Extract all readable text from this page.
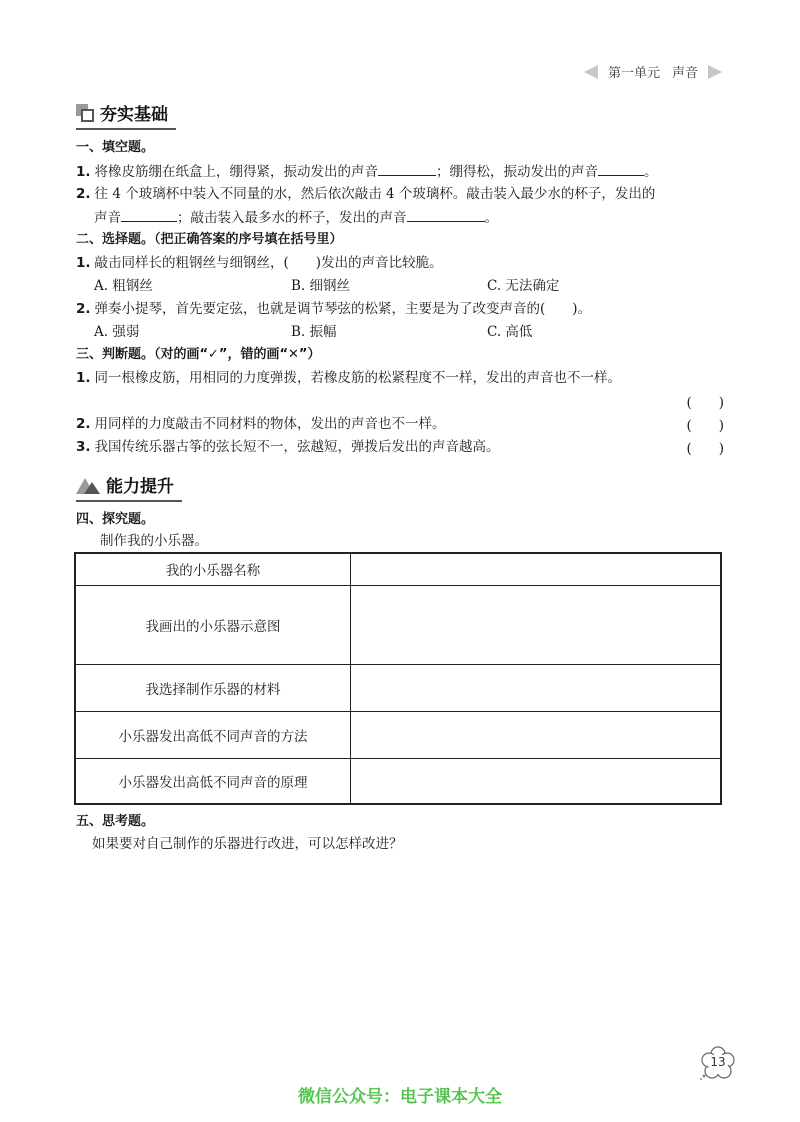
第一单元 声音
夯实基础
一、填空题。
1. 将橡皮筋绷在纸盒上，绷得紧，振动发出的声音	；绷得松，振动发出的声音	。
2. 往 4 个玻璃杯中装入不同量的水，然后依次敲击 4 个玻璃杯。敲击装入最少水的杯子，发出的
声音	；敲击装入最多水的杯子，发出的声音	。
二、选择题。（把正确答案的序号填在括号里）
1. 敲击同样长的粗钢丝与细钢丝，(　　)发出的声音比较脆。
A. 粗钢丝	B. 细钢丝	C. 无法确定
2. 弹奏小提琴，首先要定弦，也就是调节琴弦的松紧，主要是为了改变声音的(　　)。
A. 强弱	B. 振幅	C. 高低
三、判断题。（对的画“✓”，错的画“✕”）
1. 同一根橡皮筋，用相同的力度弹拨，若橡皮筋的松紧程度不一样，发出的声音也不一样。
(　　)
2. 用同样的力度敲击不同材料的物体，发出的声音也不一样。	(　　)
3. 我国传统乐器古筝的弦长短不一，弦越短，弹拨后发出的声音越高。	(　　)
能力提升
四、探究题。
制作我的小乐器。
我的小乐器名称	
我画出的小乐器示意图	
我选择制作乐器的材料	
小乐器发出高低不同声音的方法	
小乐器发出高低不同声音的原理	
五、思考题。
如果要对自己制作的乐器进行改进，可以怎样改进？
13
微信公众号：电子课本大全
